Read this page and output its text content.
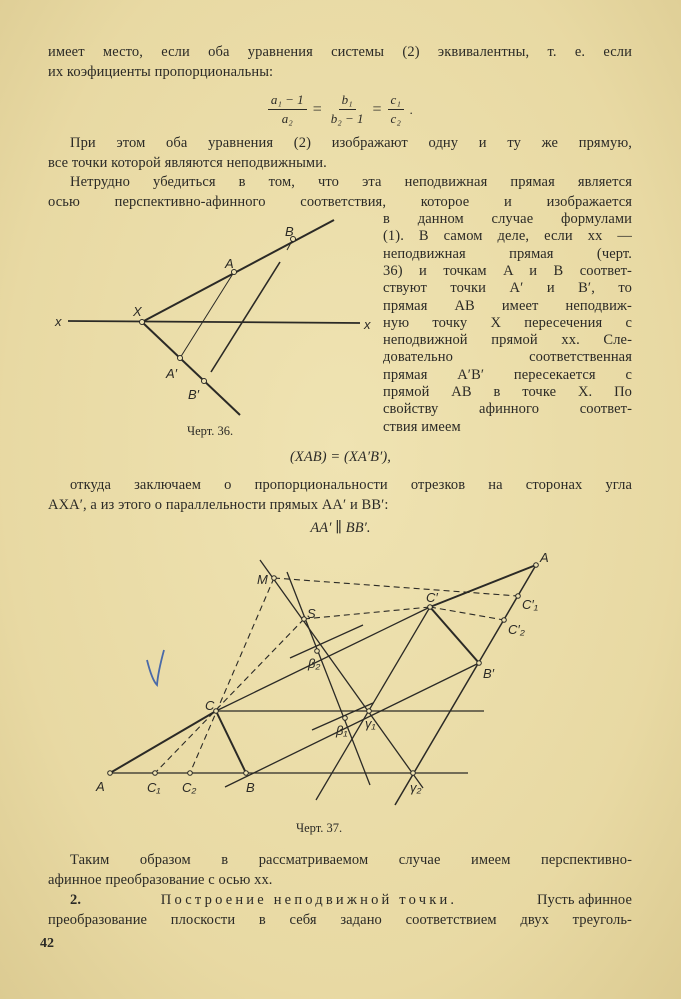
имеет место, если оба уравнения системы (2) эквивалентны, т. е. если
их коэфициенты пропорциональны:
$\frac{\text{a₁ − 1}}{\text{a₂}} = \frac{\text{b₁}}{\text{b₂ − 1}} = \frac{\text{c₁}}{\text{c₂}}$ .
При этом оба уравнения (2) изображают одну и ту же прямую,
все точки которой являются неподвижными.
Нетрудно убедиться в том, что эта неподвижная прямая является
осью перспективно-афинного соответствия, которое и изображается
в данном случае формулами
(1). В самом деле, если xx —
неподвижная прямая (черт.
36) и точкам A и B соответ-
ствуют точки A′ и B′, то
прямая AB имеет неподвиж-
ную точку X пересечения с
неподвижной прямой xx. Сле-
довательно соответственная
прямая A′B′ пересекается с
прямой AB в точке X. По
свойству афинного соответ-
ствия имеем
(XAB) = (XA′B′),
откуда заключаем о пропорциональности отрезков на сторонах угла
AXA′, а из этого о параллельности прямых AA′ и BB′:
AA′ ∥ BB′.
Черт. 36.
Черт. 37.
Таким образом в рассматриваемом случае имеем перспективно-
афинное преобразование с осью xx.
2.	Построение неподвижной точки.	Пусть афинное
преобразование плоскости в себя задано соответствием двух треуголь-
42
x	x
X
A
B
A′
B′
A	C₁ C₂	B
C
M
S
β₂
β₁ γ₁
γ₂
C′	C′₁
C′₂
B′
A
